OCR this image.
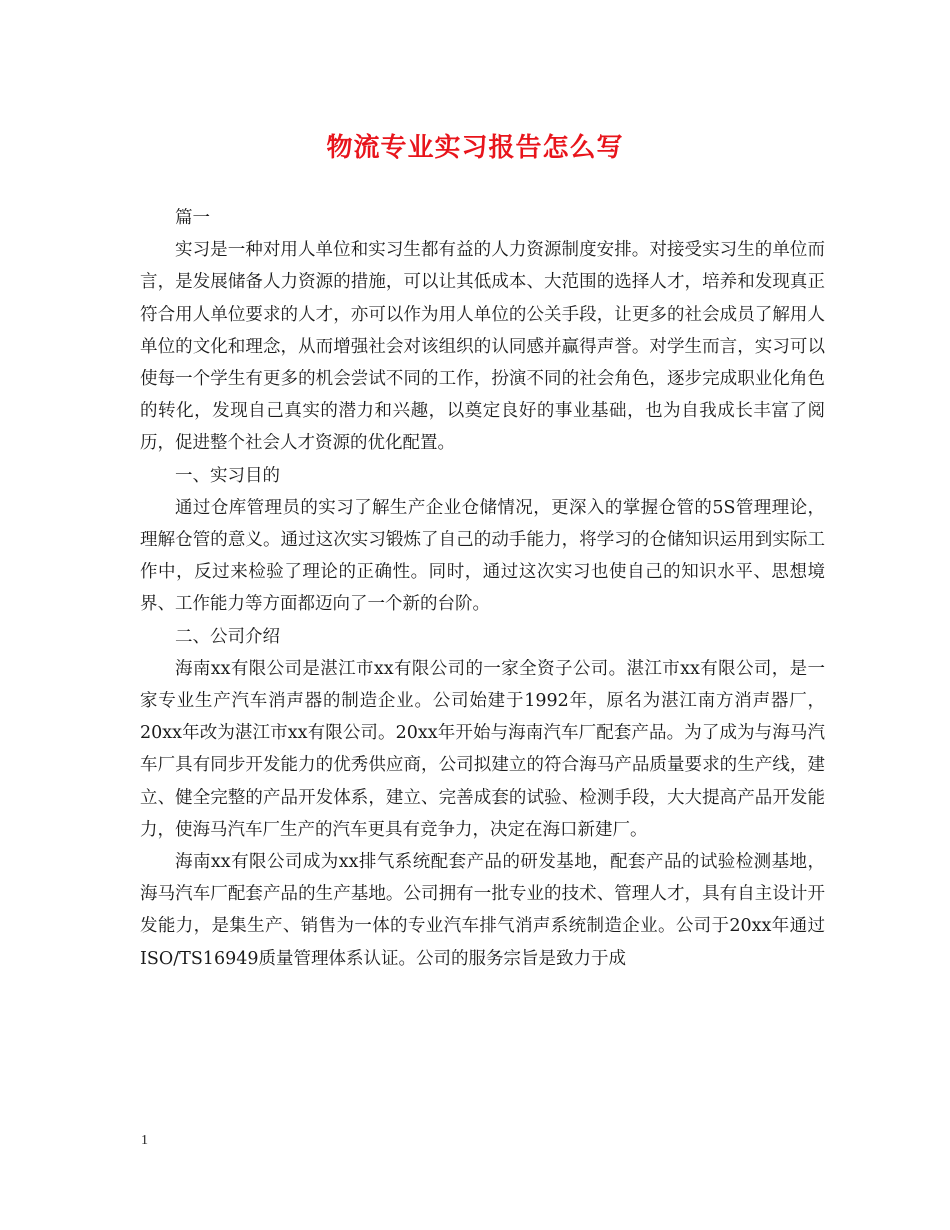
物流专业实习报告怎么写

篇一

实习是一种对用人单位和实习生都有益的人力资源制度安排。对接受实习生的单位而言，是发展储备人力资源的措施，可以让其低成本、大范围的选择人才，培养和发现真正符合用人单位要求的人才，亦可以作为用人单位的公关手段，让更多的社会成员了解用人单位的文化和理念，从而增强社会对该组织的认同感并赢得声誉。对学生而言，实习可以使每一个学生有更多的机会尝试不同的工作，扮演不同的社会角色，逐步完成职业化角色的转化，发现自己真实的潜力和兴趣，以奠定良好的事业基础，也为自我成长丰富了阅历，促进整个社会人才资源的优化配置。

一、实习目的

通过仓库管理员的实习了解生产企业仓储情况，更深入的掌握仓管的5S管理理论，理解仓管的意义。通过这次实习锻炼了自己的动手能力，将学习的仓储知识运用到实际工作中，反过来检验了理论的正确性。同时，通过这次实习也使自己的知识水平、思想境界、工作能力等方面都迈向了一个新的台阶。

二、公司介绍

海南xx有限公司是湛江市xx有限公司的一家全资子公司。湛江市xx有限公司，是一家专业生产汽车消声器的制造企业。公司始建于1992年，原名为湛江南方消声器厂，20xx年改为湛江市xx有限公司。20xx年开始与海南汽车厂配套产品。为了成为与海马汽车厂具有同步开发能力的优秀供应商，公司拟建立的符合海马产品质量要求的生产线，建立、健全完整的产品开发体系，建立、完善成套的试验、检测手段，大大提高产品开发能力，使海马汽车厂生产的汽车更具有竞争力，决定在海口新建厂。

海南xx有限公司成为xx排气系统配套产品的研发基地，配套产品的试验检测基地，海马汽车厂配套产品的生产基地。公司拥有一批专业的技术、管理人才，具有自主设计开发能力，是集生产、销售为一体的专业汽车排气消声系统制造企业。公司于20xx年通过ISO/TS16949质量管理体系认证。公司的服务宗旨是致力于成

1
